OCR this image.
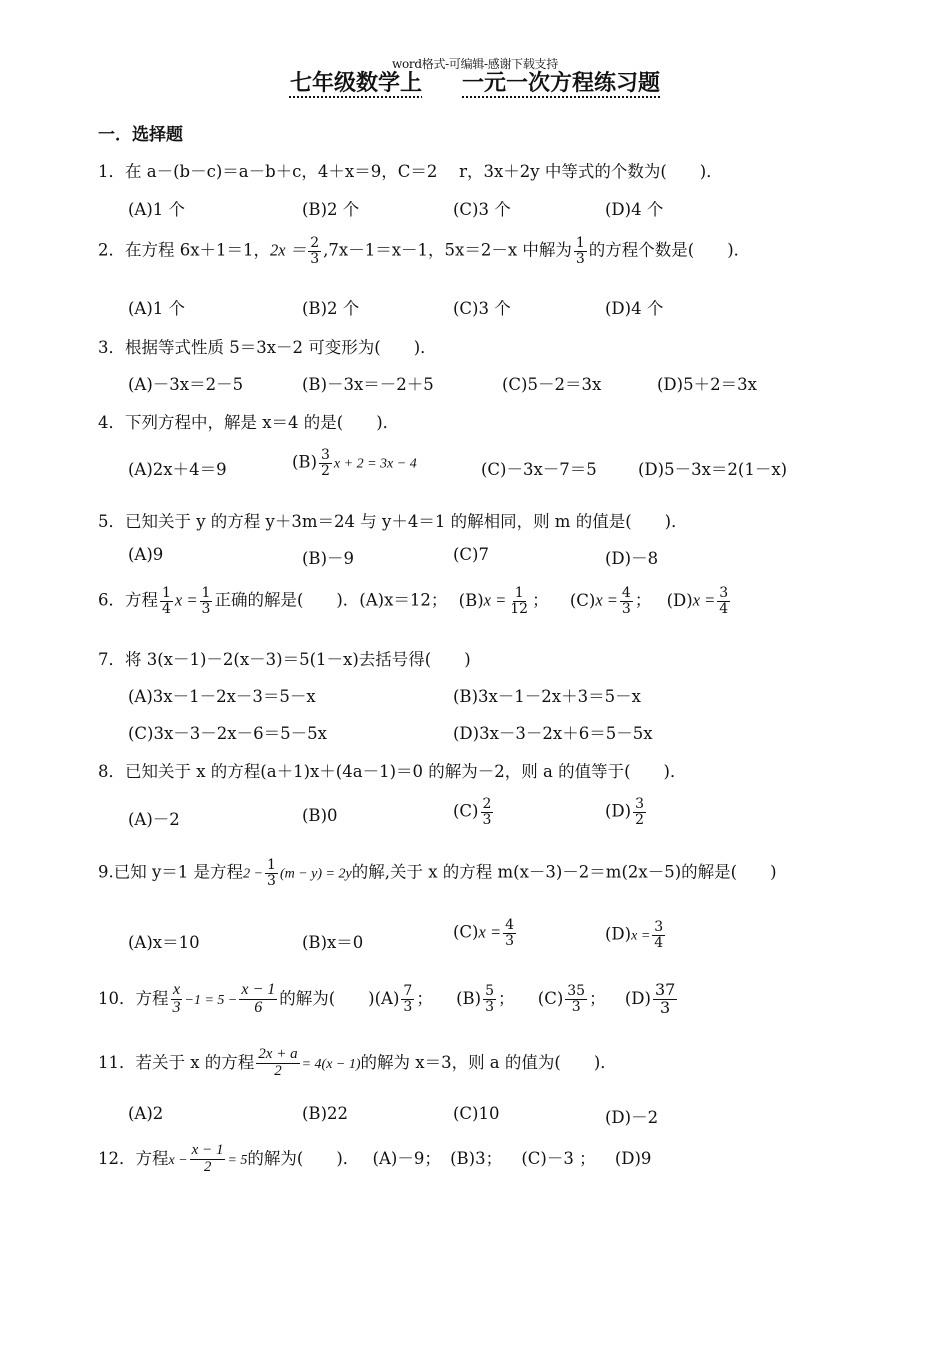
word格式-可编辑-感谢下载支持
七年级数学上 一元一次方程练习题
一．选择题
1．在 a－(b－c)＝a－b＋c，4＋x＝9，C＝2　 r，3x＋2y 中等式的个数为(　　)．
(A)1 个	(B)2 个	(C)3 个	(D)4 个
2．在方程 6x＋1＝1，$2x = \frac{2}{3} ,7x-1=x-1$，5x＝2－x 中解为 $\frac{1}{3}$ 的方程个数是(　　)．
(A)1 个	(B)2 个	(C)3 个	(D)4 个
3．根据等式性质 5＝3x－2 可变形为(　　)．
(A)－3x＝2－5	(B)－3x＝－2＋5	(C)5－2＝3x	(D)5＋2＝3x
4．下列方程中，解是 x＝4 的是(　　)．
(A)2x＋4＝9	$(B) \frac{3}{2}$ x + 2 = 3x − 4	(C)－3x－7＝5 (D)5－3x＝2(1－x)
5．已知关于 y 的方程 y＋3m＝24 与 y＋4＝1 的解相同，则 m 的值是(　　)．
(A)9	(B)－9	(C)7	(D)－8
6．方程 $\frac{1}{4}$ $x = \frac{1}{3}$ 正确的解是(　　)．(A)x＝12； $(B)x = \frac{1}{12}$ ； $(C)x = \frac{4}{3}$ ； $(D)x = \frac{3}{4}$
7．将 3(x－1)－2(x－3)＝5(1－x)去括号得(　　)
(A)3x－1－2x－3＝5－x	(B)3x－1－2x＋3＝5－x
(C)3x－3－2x－6＝5－5x	(D)3x－3－2x＋6＝5－5x
8．已知关于 x 的方程(a＋1)x＋(4a－1)＝0 的解为－2，则 a 的值等于(　　)．
(A)－2	(B)0	$(C) \frac{2}{3}$	$(D) \frac{3}{2}$
9.已知 y＝1 是方程$2 - \frac{1}{3} (m - y) = 2y$的解,关于 x 的方程 m(x－3)－2＝m(2x－5)的解是(　　)
(A)x＝10	(B)x＝0
$(C)x = \frac{4}{3}$	$(D)x = \frac{3}{4}$
10．方程 $\frac{x}{3} -1 = 5 - \frac{x - 1}{6}$ 的解为(　　)$(A) \frac{7}{3}$ ； $(B) \frac{5}{3}$ ； $(C) \frac{35}{3}$ ； $(D) \frac{37}{3}$
11．若关于 x 的方程 $\frac{2x + a}{2} = 4(x - 1)$的解为 x＝3，则 a 的值为(　　)．
(A)2	(B)22	(C)10	(D)－2
12．方程$x - \frac{x - 1}{2} = 5$的解为(　　)． (A)－9； (B)3； (C)－3 ； (D)9
